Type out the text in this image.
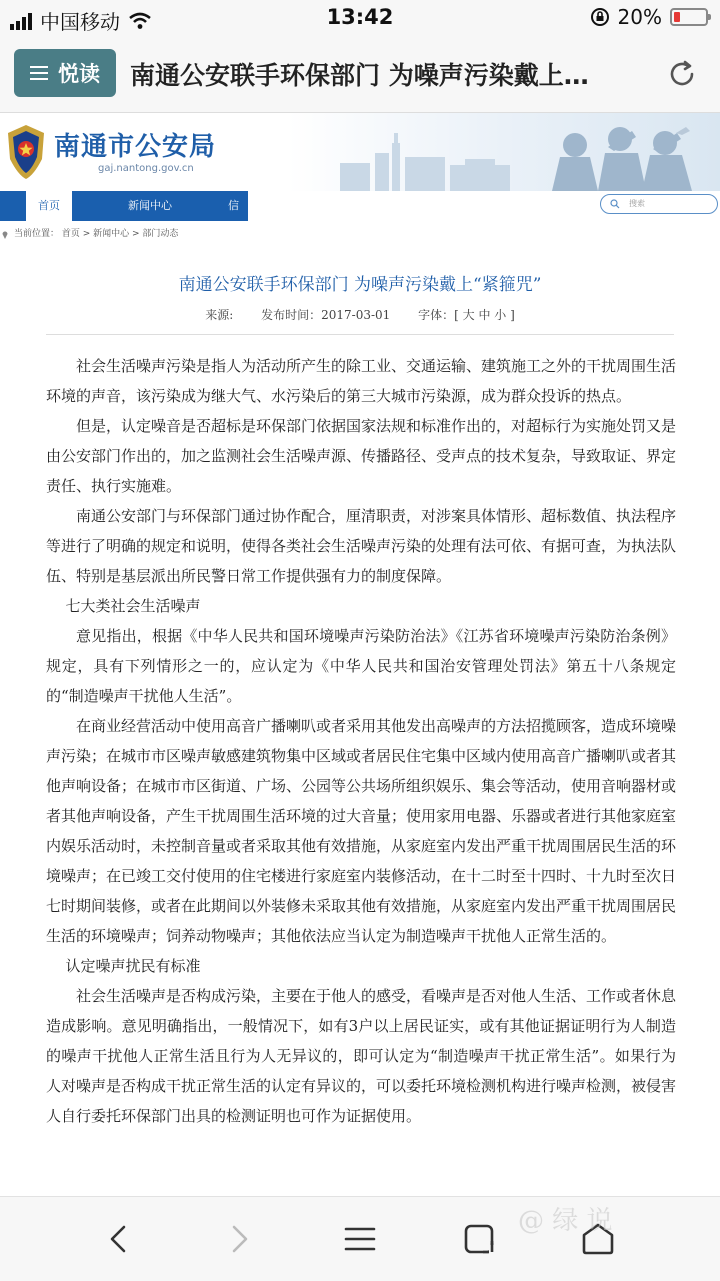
中国移动	13:42	20%
悦读 南通公安联手环保部门 为噪声污染戴上…
南通市公安局
gaj.nantong.gov.cn
首页	新闻中心	信息
搜索
当前位置： 首页 > 新闻中心 > 部门动态
南通公安联手环保部门 为噪声污染戴上“紧箍咒”
来源: 发布时间：2017-03-01 字体：[ 大 中 小 ]

社会生活噪声污染是指人为活动所产生的除工业、交通运输、建筑施工之外的干扰周围生活环境的声音，该污染成为继大气、水污染后的第三大城市污染源，成为群众投诉的热点。

但是，认定噪音是否超标是环保部门依据国家法规和标准作出的，对超标行为实施处罚又是由公安部门作出的，加之监测社会生活噪声源、传播路径、受声点的技术复杂，导致取证、界定责任、执行实施难。

南通公安部门与环保部门通过协作配合，厘清职责，对涉案具体情形、超标数值、执法程序等进行了明确的规定和说明，使得各类社会生活噪声污染的处理有法可依、有据可查，为执法队伍、特别是基层派出所民警日常工作提供强有力的制度保障。

七大类社会生活噪声

意见指出，根据《中华人民共和国环境噪声污染防治法》《江苏省环境噪声污染防治条例》规定，具有下列情形之一的，应认定为《中华人民共和国治安管理处罚法》第五十八条规定的“制造噪声干扰他人生活”。

在商业经营活动中使用高音广播喇叭或者采用其他发出高噪声的方法招揽顾客，造成环境噪声污染；在城市市区噪声敏感建筑物集中区域或者居民住宅集中区域内使用高音广播喇叭或者其他声响设备；在城市市区街道、广场、公园等公共场所组织娱乐、集会等活动，使用音响器材或者其他声响设备，产生干扰周围生活环境的过大音量；使用家用电器、乐器或者进行其他家庭室内娱乐活动时，未控制音量或者采取其他有效措施，从家庭室内发出严重干扰周围居民生活的环境噪声；在已竣工交付使用的住宅楼进行家庭室内装修活动，在十二时至十四时、十九时至次日七时期间装修，或者在此期间以外装修未采取其他有效措施，从家庭室内发出严重干扰周围居民生活的环境噪声；饲养动物噪声；其他依法应当认定为制造噪声干扰他人正常生活的。

认定噪声扰民有标准

社会生活噪声是否构成污染，主要在于他人的感受，看噪声是否对他人生活、工作或者休息造成影响。意见明确指出，一般情况下，如有3户以上居民证实，或有其他证据证明行为人制造的噪声干扰他人正常生活且行为人无异议的，即可认定为“制造噪声干扰正常生活”。如果行为人对噪声是否构成干扰正常生活的认定有异议的，可以委托环境检测机构进行噪声检测，被侵害人自行委托环保部门出具的检测证明也可作为证据使用。

@ 绿 说
